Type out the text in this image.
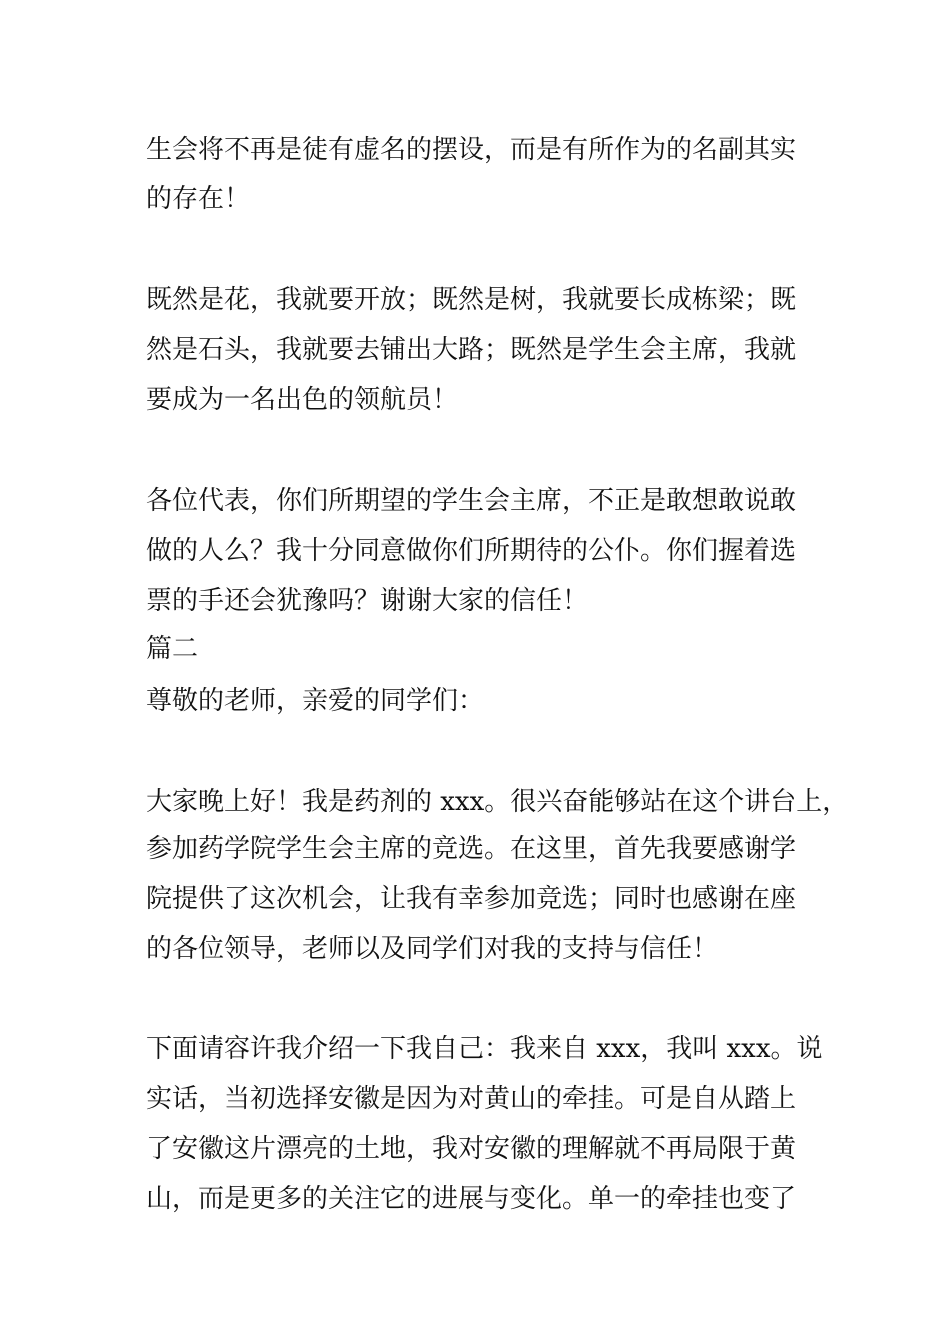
生会将不再是徒有虚名的摆设，而是有所作为的名副其实
的存在！
既然是花，我就要开放；既然是树，我就要长成栋梁；既
然是石头，我就要去铺出大路；既然是学生会主席，我就
要成为一名出色的领航员！
各位代表，你们所期望的学生会主席，不正是敢想敢说敢
做的人么？我十分同意做你们所期待的公仆。你们握着选
票的手还会犹豫吗？谢谢大家的信任！
篇二
尊敬的老师，亲爱的同学们：
大家晚上好！我是药剂的 xxx。很兴奋能够站在这个讲台上，
参加药学院学生会主席的竞选。在这里，首先我要感谢学
院提供了这次机会，让我有幸参加竞选；同时也感谢在座
的各位领导，老师以及同学们对我的支持与信任！
下面请容许我介绍一下我自己：我来自 xxx，我叫 xxx。说
实话，当初选择安徽是因为对黄山的牵挂。可是自从踏上
了安徽这片漂亮的土地，我对安徽的理解就不再局限于黄
山，而是更多的关注它的进展与变化。单一的牵挂也变了
